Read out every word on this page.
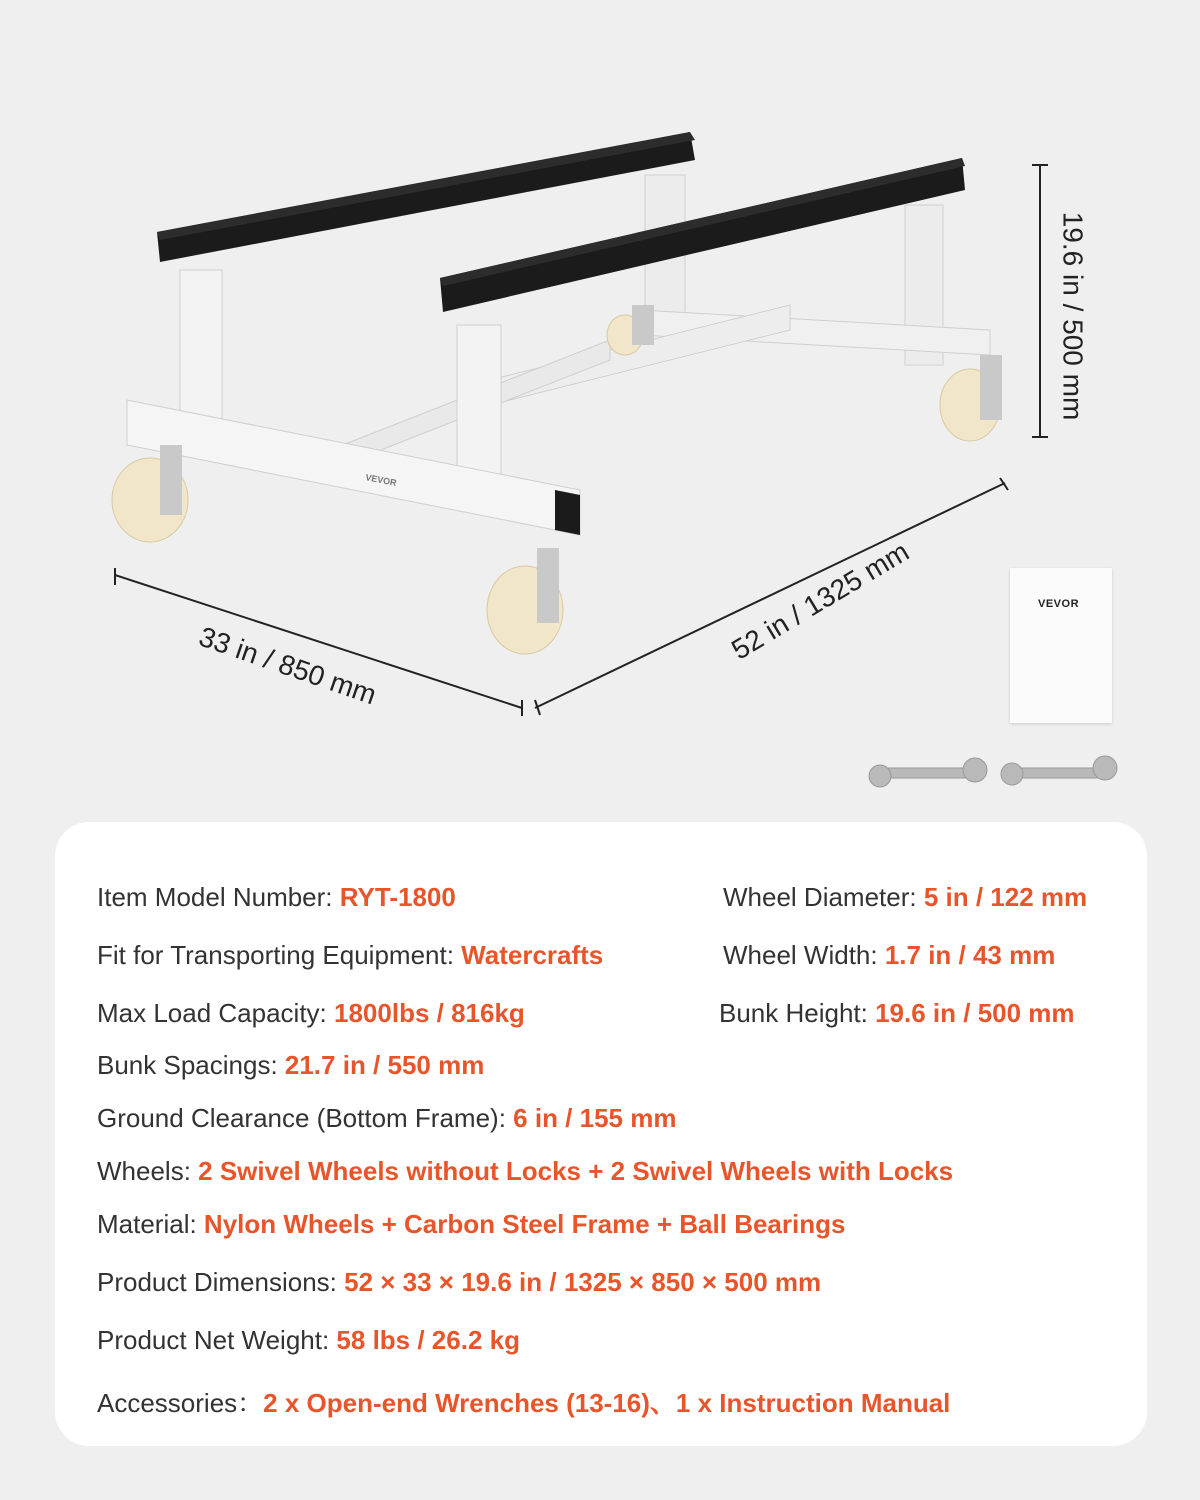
VEVOR
33 in / 850 mm	52 in / 1325 mm
19.6 in / 500 mm
VEVOR
Item Model Number: RYT-1800	Wheel Diameter: 5 in / 122 mm
Fit for Transporting Equipment: Watercrafts	Wheel Width: 1.7 in / 43 mm
Max Load Capacity: 1800lbs / 816kg	Bunk Height: 19.6 in / 500 mm
Bunk Spacings: 21.7 in / 550 mm
Ground Clearance (Bottom Frame): 6 in / 155 mm
Wheels: 2 Swivel Wheels without Locks + 2 Swivel Wheels with Locks
Material: Nylon Wheels + Carbon Steel Frame + Ball Bearings
Product Dimensions: 52 × 33 × 19.6 in / 1325 × 850 × 500 mm
Product Net Weight: 58 lbs / 26.2 kg
Accessories：2 x Open-end Wrenches (13-16)、1 x Instruction Manual
